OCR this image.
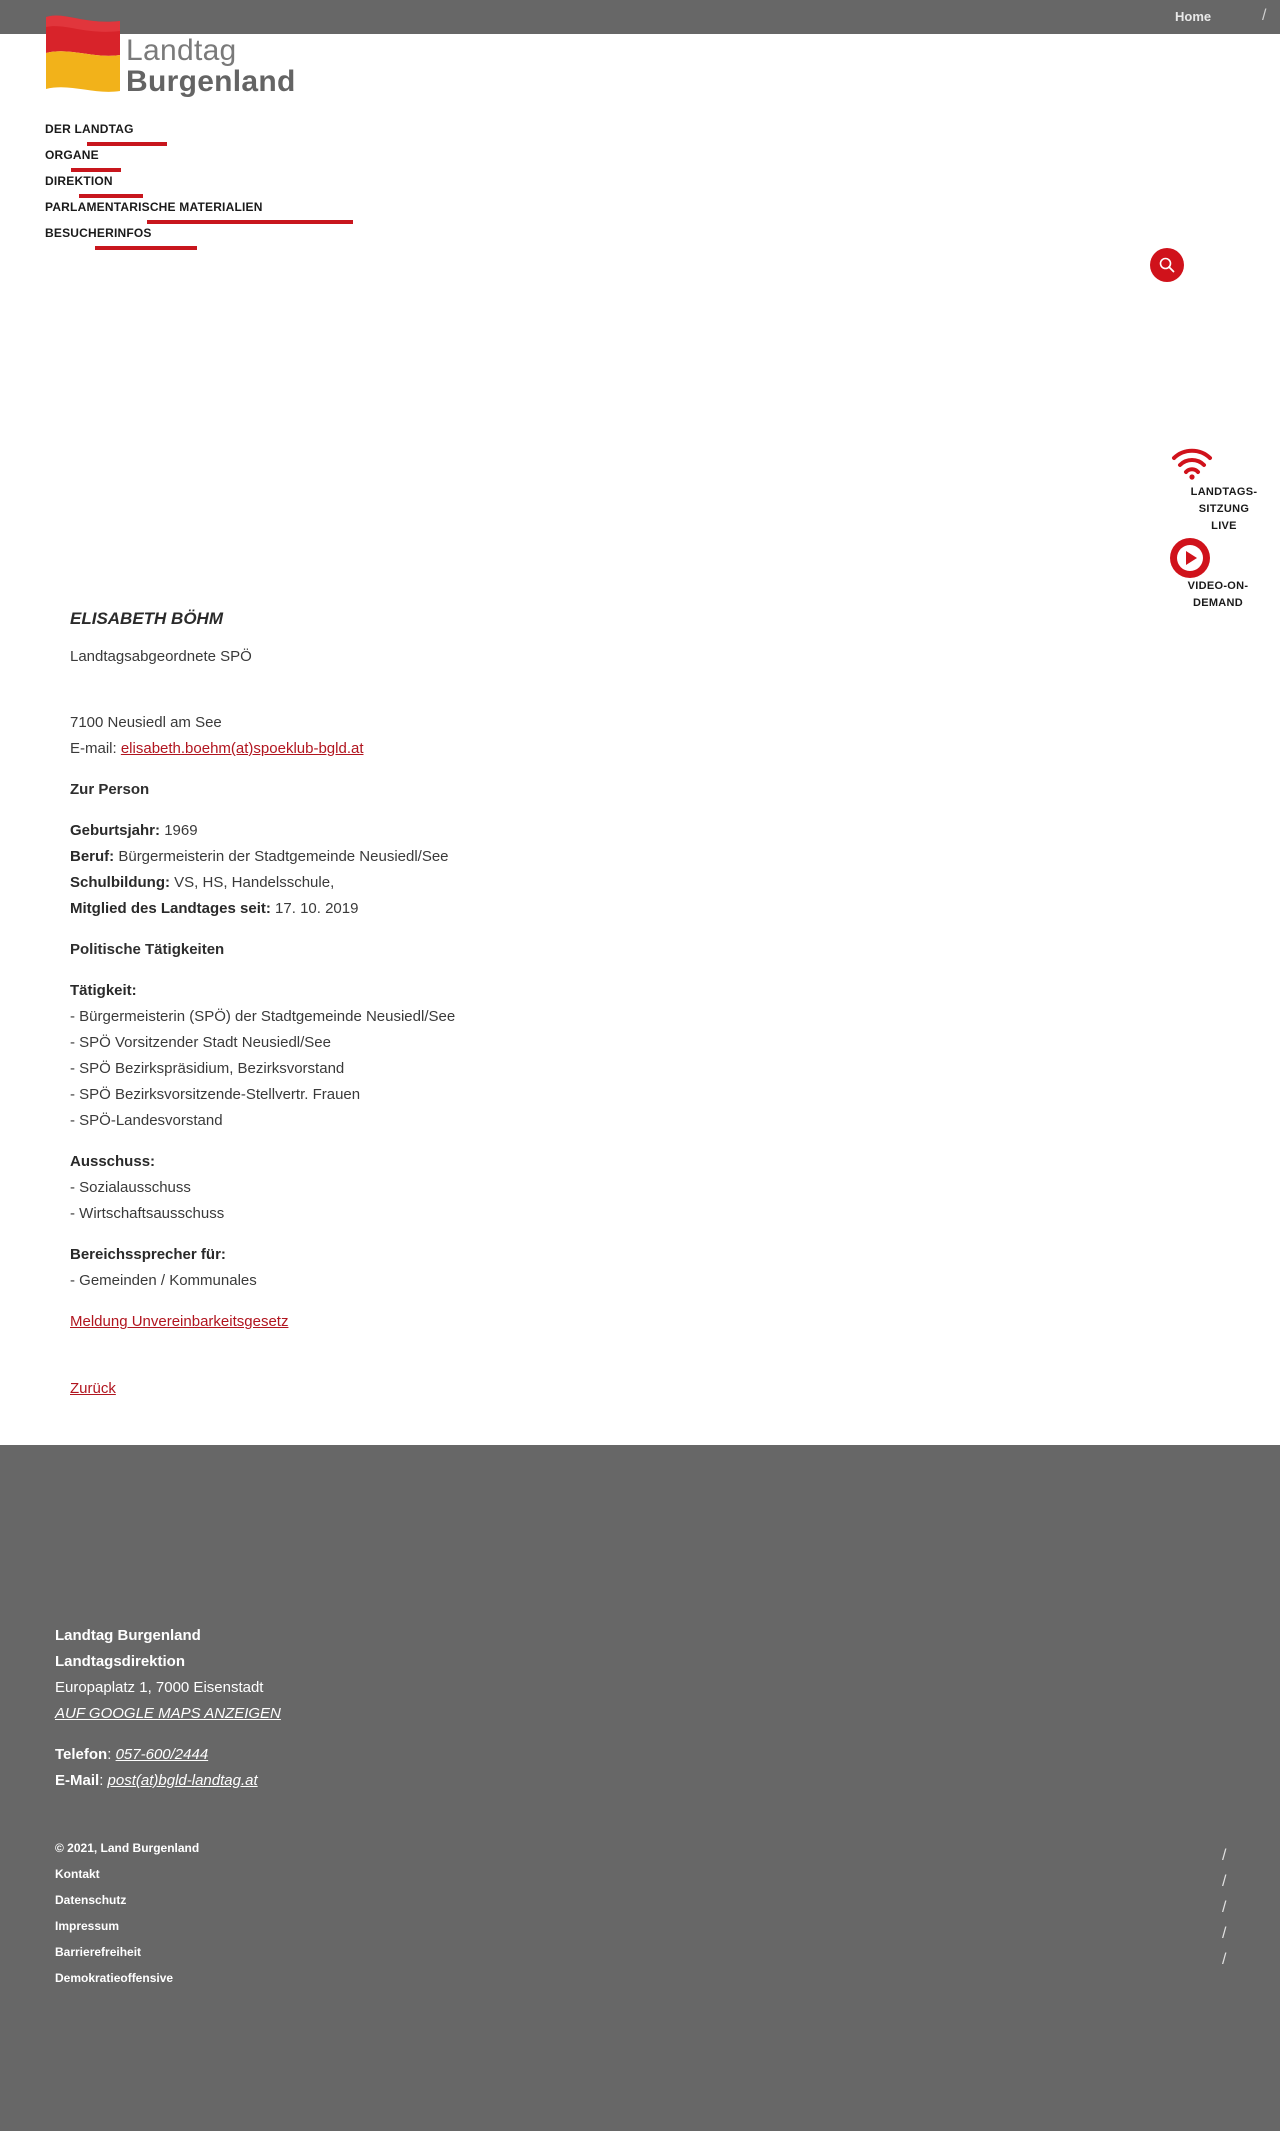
Home	/
Landtag
Burgenland
DER LANDTAG
ORGANE
DIREKTION
PARLAMENTARISCHE MATERIALIEN
BESUCHERINFOS
LANDTAGS-
SITZUNG LIVE
VIDEO-ON-
DEMAND
ELISABETH BÖHM

Landtagsabgeordnete SPÖ

7100 Neusiedl am See

E-mail: elisabeth.boehm(at)spoeklub-bgld.at

Zur Person

Geburtsjahr: 1969

Beruf: Bürgermeisterin der Stadtgemeinde Neusiedl/See

Schulbildung: VS, HS, Handelsschule,

Mitglied des Landtages seit: 17. 10. 2019

Politische Tätigkeiten

Tätigkeit:

- Bürgermeisterin (SPÖ) der Stadtgemeinde Neusiedl/See

- SPÖ Vorsitzender Stadt Neusiedl/See

- SPÖ Bezirkspräsidium, Bezirksvorstand

- SPÖ Bezirksvorsitzende-Stellvertr. Frauen

- SPÖ-Landesvorstand

Ausschuss:

- Sozialausschuss

- Wirtschaftsausschuss

Bereichssprecher für:

- Gemeinden / Kommunales

Meldung Unvereinbarkeitsgesetz

Zurück

Landtag Burgenland
Landtagsdirektion
Europaplatz 1, 7000 Eisenstadt
AUF GOOGLE MAPS ANZEIGEN
Telefon: 057-600/2444
E-Mail: post(at)bgld-landtag.at
© 2021, Land Burgenland
Kontakt
Datenschutz
Impressum
Barrierefreiheit
Demokratieoffensive
/
/
/
/
/
